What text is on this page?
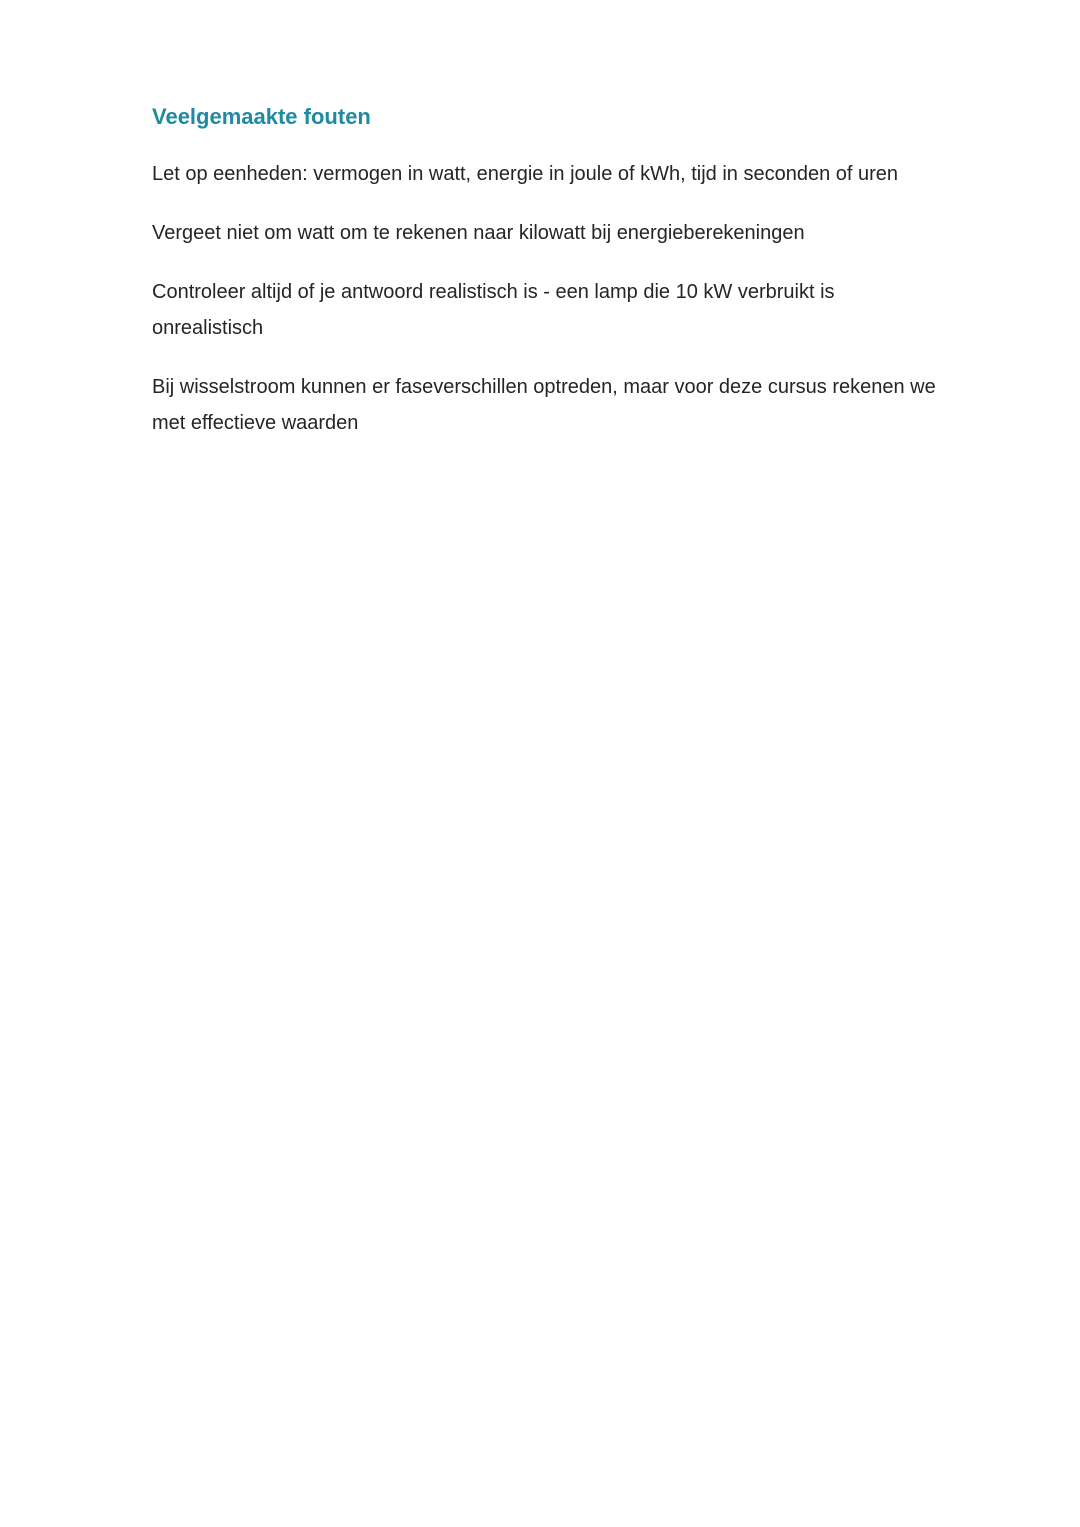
Veelgemaakte fouten

Let op eenheden: vermogen in watt, energie in joule of kWh, tijd in seconden of uren

Vergeet niet om watt om te rekenen naar kilowatt bij energieberekeningen

Controleer altijd of je antwoord realistisch is - een lamp die 10 kW verbruikt is onrealistisch

Bij wisselstroom kunnen er faseverschillen optreden, maar voor deze cursus rekenen we met effectieve waarden
